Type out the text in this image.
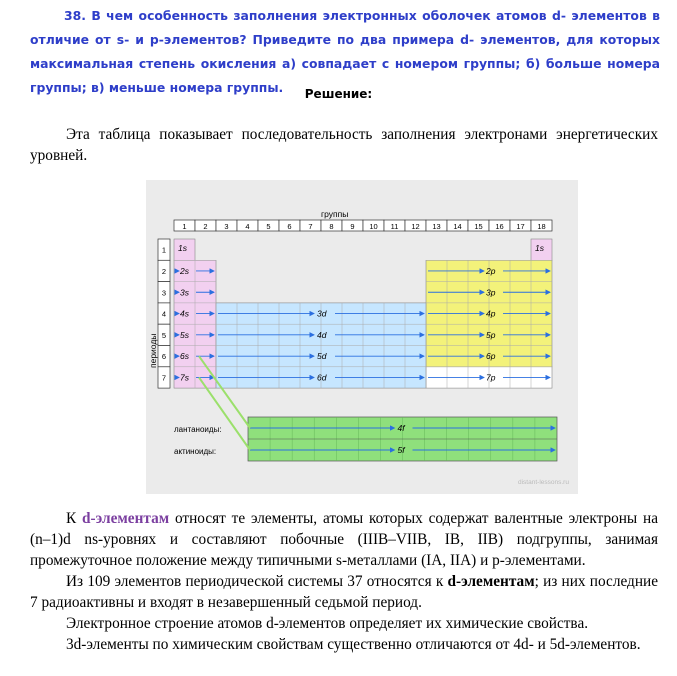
38. В чем особенность заполнения электронных оболочек атомов d- элементов в отличие от s- и p-элементов? Приведите по два примера d- элементов, для которых максимальная степень окисления а) совпадает с номером группы; б) больше номера группы; в) меньше номера группы.	Решение:
Эта таблица показывает последовательность заполнения электронами энергетических уровней.
1 2 3 4 5 6 7 8 9 10 11 12 13 14 15 16 17 18
1
2
3
4
5
6
7
лантаноиды:
актиноиды:
1s	1s
2s	2p
3s	3p
4s	4p
5s	5p
6s	6p
7s	7p
3d
4d
5d
6d
4f
5f
группы
периоды
distant-lessons.ru
К d-элементам относят те элементы, атомы которых содержат валентные электроны на (n–1)d ns-уровнях и составляют побочные (IIIB–VIIB, IB, IIB) подгруппы, занимая промежуточное положение между типичными s-металлами (IA, IIA) и p-элементами.
Из 109 элементов периодической системы 37 относятся к d-элементам; из них последние 7 радиоактивны и входят в незавершенный седьмой период.
Электронное строение атомов d-элементов определяет их химические свойства.
3d-элементы по химическим свойствам существенно отличаются от 4d- и 5d-элементов.
